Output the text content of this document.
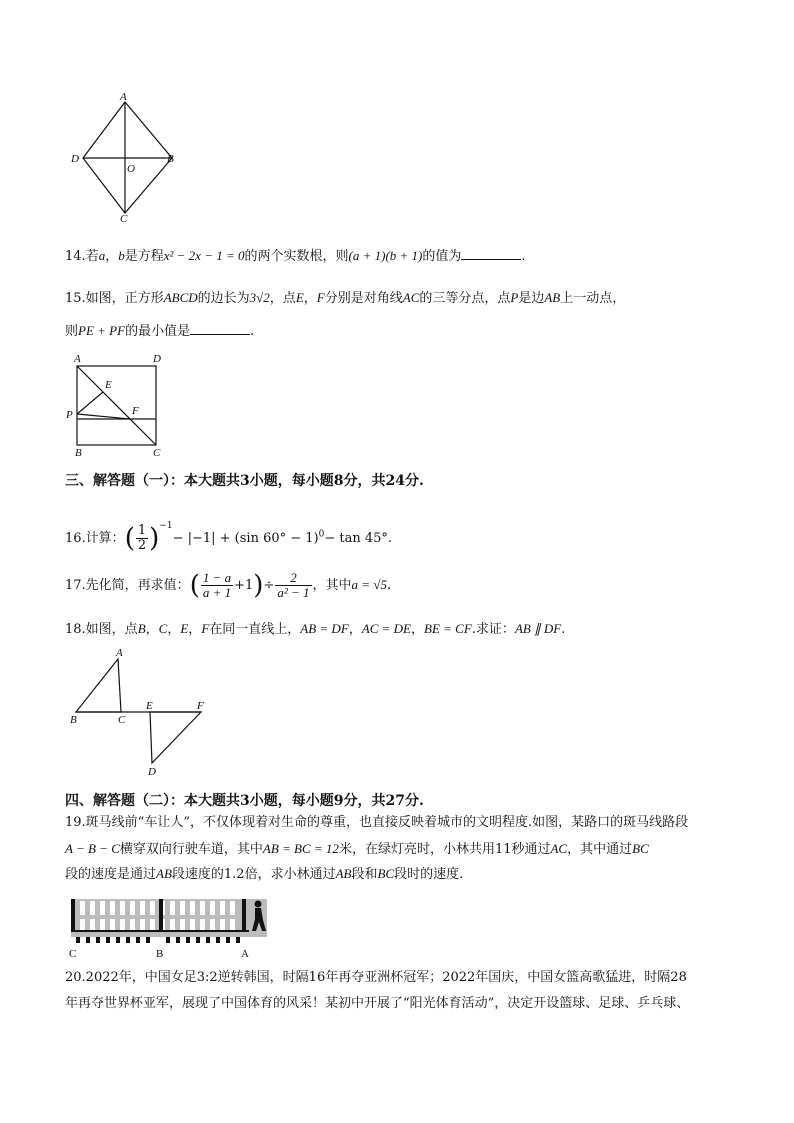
A
B
C
D
O
14.若a，b是方程x² − 2x − 1 = 0的两个实数根，则(a + 1)(b + 1)的值为	.
15.如图，正方形ABCD的边长为3√2，点E，F分别是对角线AC的三等分点，点P是边AB上一动点，
则PE + PF的最小值是	.
A	D
E
F
P
B	C
三、解答题（一）：本大题共3小题，每小题8分，共24分.
16.计算：( $\frac{1}{2} )^{-1}- |-1| + (\sin$ 60° − 1)$^0$− tan 45°.
17.先化简，再求值：( $\frac{1 - a}{a + 1} +1)\div \frac{2}{\text{a² − 1}}$ ，其中a = √5.
18.如图，点B，C，E，F在同一直线上，AB = DF，AC = DE，BE = CF.求证：AB ∥ DF.
A
B	C
E	F
D
四、解答题（二）：本大题共3小题，每小题9分，共27分.
19.斑马线前“车让人”，不仅体现着对生命的尊重，也直接反映着城市的文明程度.如图，某路口的斑马线路段
A − B − C横穿双向行驶车道，其中AB = BC = 12米，在绿灯亮时，小林共用11秒通过AC，其中通过BC
段的速度是通过AB段速度的1.2倍，求小林通过AB段和BC段时的速度.
C	B	A
20.2022年，中国女足3:2逆转韩国，时隔16年再夺亚洲杯冠军；2022年国庆，中国女篮高歌猛进，时隔28
年再夺世界杯亚军，展现了中国体育的风采！某初中开展了“阳光体育活动”，决定开设篮球、足球、乒乓球、
